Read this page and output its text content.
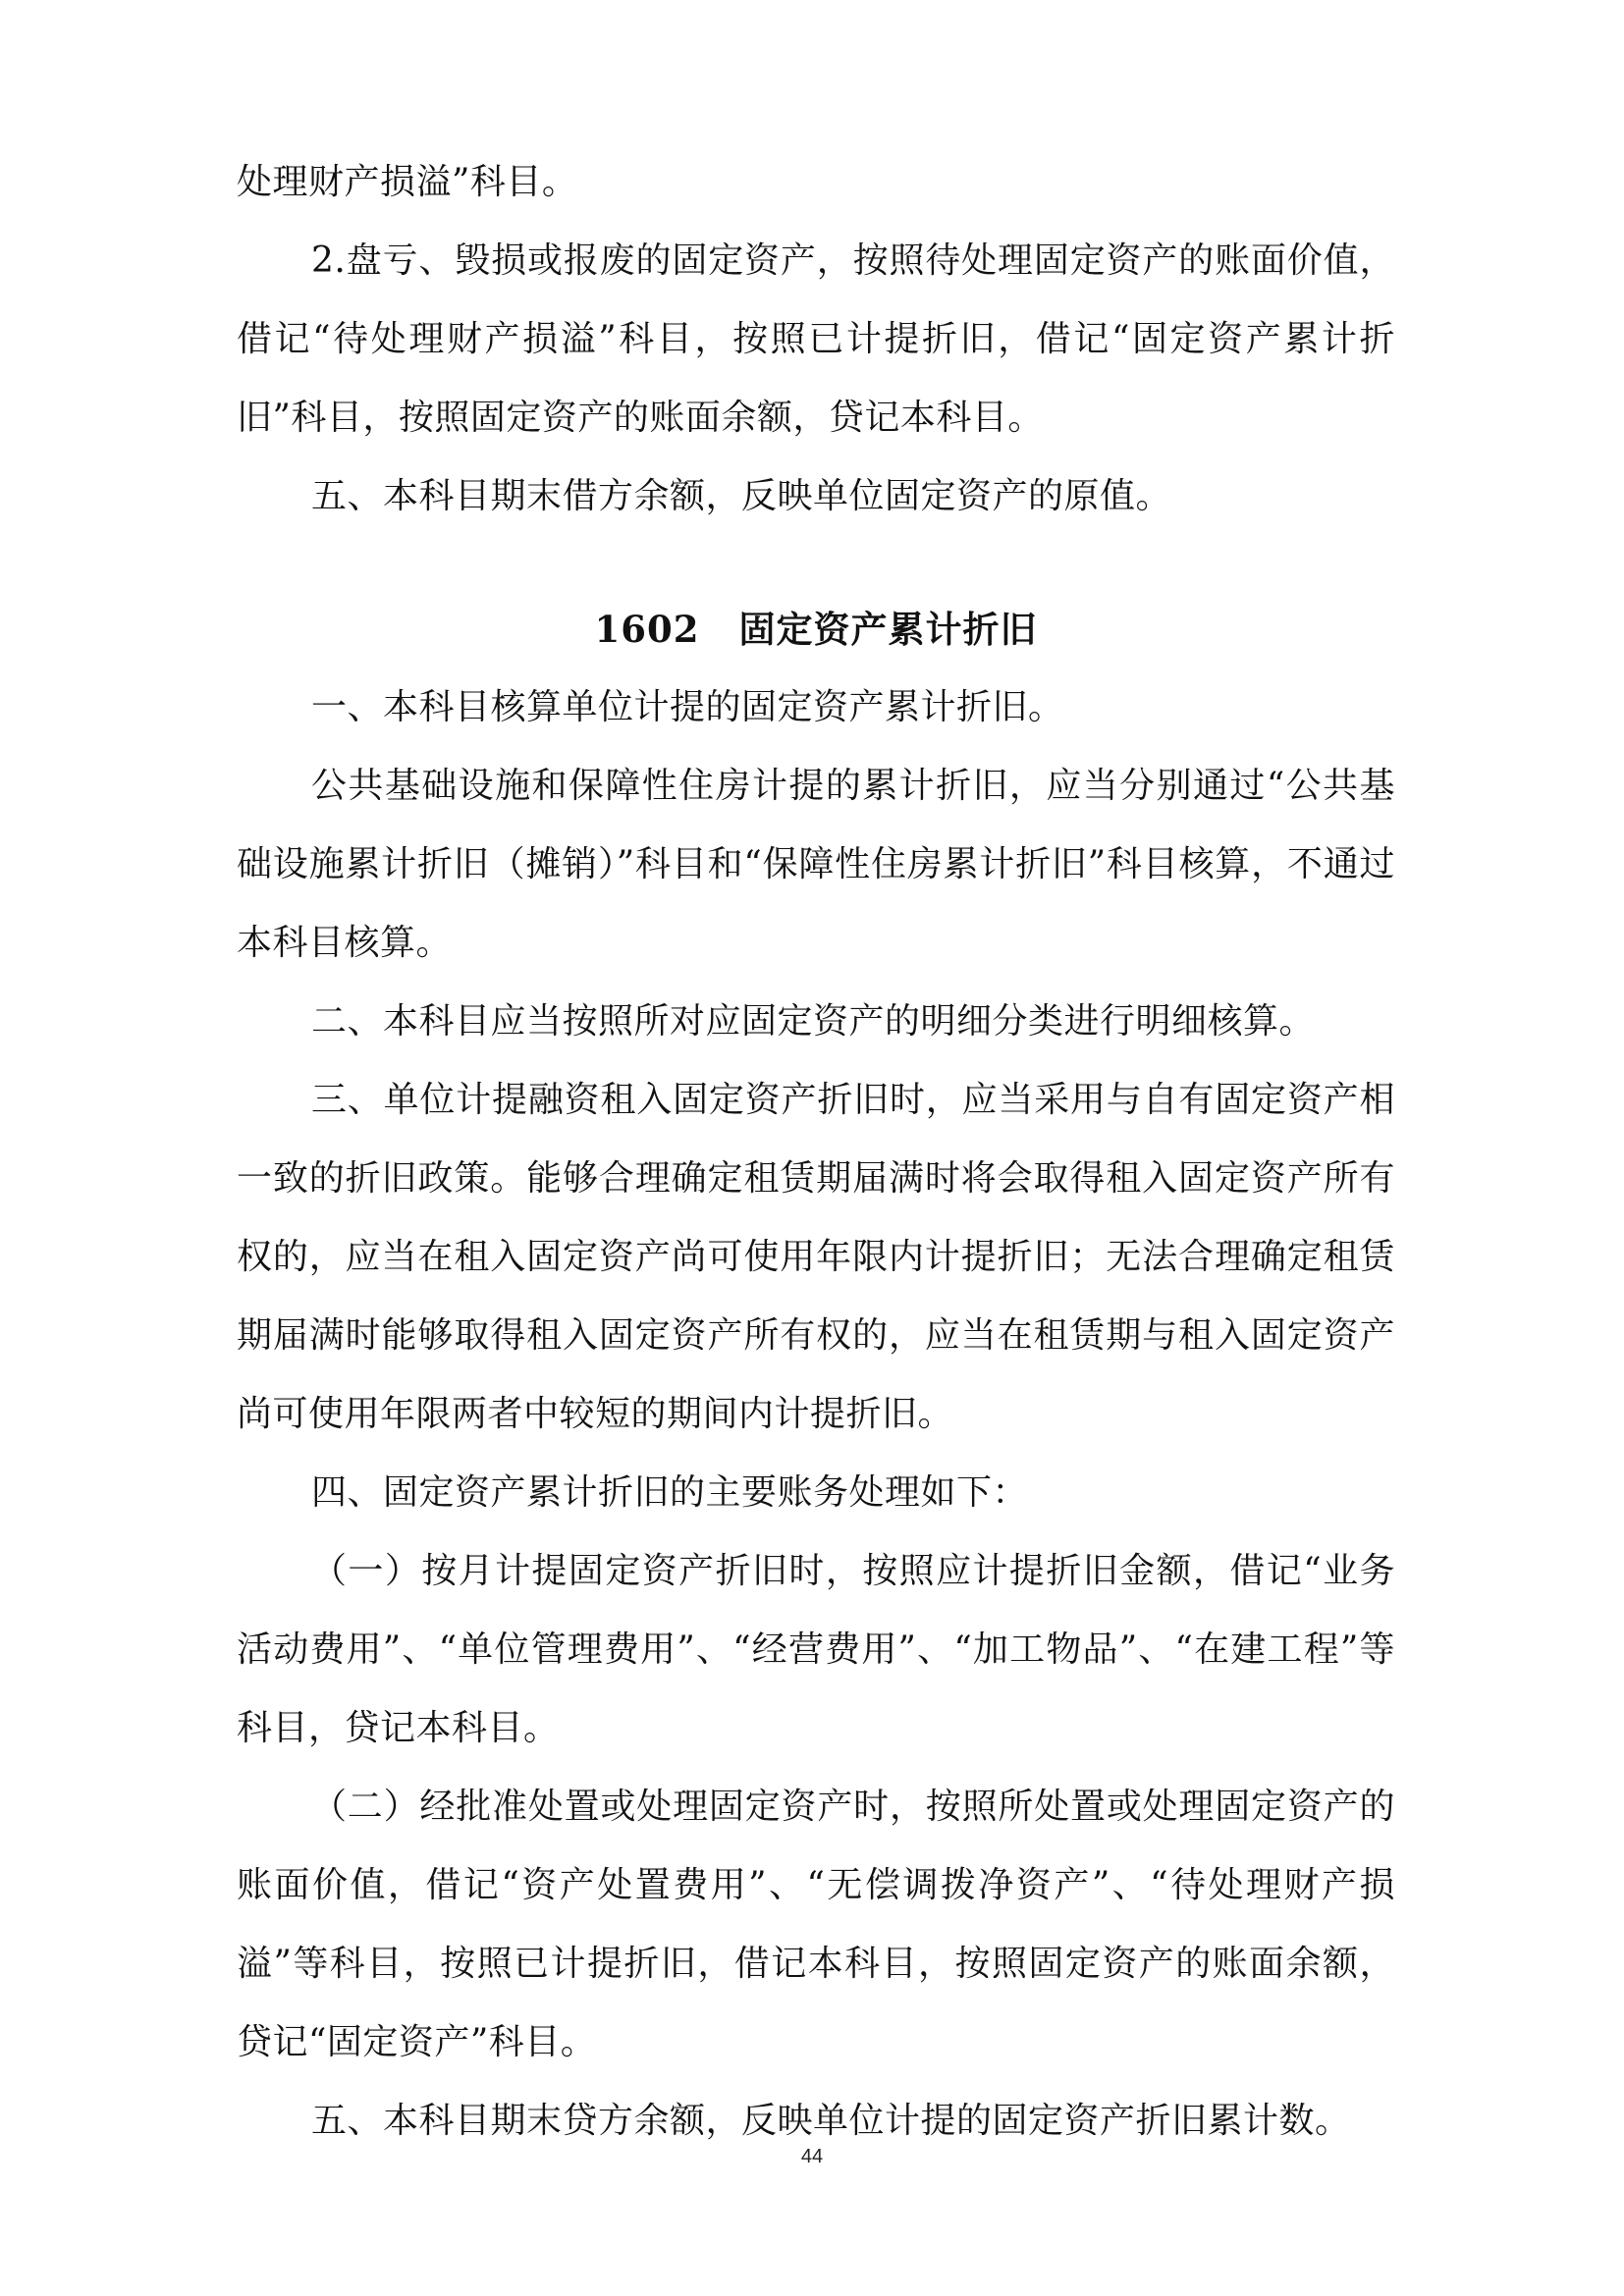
处理财产损溢”科目。

2.盘亏、毁损或报废的固定资产，按照待处理固定资产的账面价值，借记“待处理财产损溢”科目，按照已计提折旧，借记“固定资产累计折旧”科目，按照固定资产的账面余额，贷记本科目。

五、本科目期末借方余额，反映单位固定资产的原值。

1602 固定资产累计折旧

一、本科目核算单位计提的固定资产累计折旧。

公共基础设施和保障性住房计提的累计折旧，应当分别通过“公共基础设施累计折旧（摊销）”科目和“保障性住房累计折旧”科目核算，不通过本科目核算。

二、本科目应当按照所对应固定资产的明细分类进行明细核算。

三、单位计提融资租入固定资产折旧时，应当采用与自有固定资产相一致的折旧政策。能够合理确定租赁期届满时将会取得租入固定资产所有权的，应当在租入固定资产尚可使用年限内计提折旧；无法合理确定租赁期届满时能够取得租入固定资产所有权的，应当在租赁期与租入固定资产尚可使用年限两者中较短的期间内计提折旧。

四、固定资产累计折旧的主要账务处理如下：

（一）按月计提固定资产折旧时，按照应计提折旧金额，借记“业务活动费用”、“单位管理费用”、“经营费用”、“加工物品”、“在建工程”等科目，贷记本科目。

（二）经批准处置或处理固定资产时，按照所处置或处理固定资产的账面价值，借记“资产处置费用”、“无偿调拨净资产”、“待处理财产损溢”等科目，按照已计提折旧，借记本科目，按照固定资产的账面余额，贷记“固定资产”科目。

五、本科目期末贷方余额，反映单位计提的固定资产折旧累计数。

44
